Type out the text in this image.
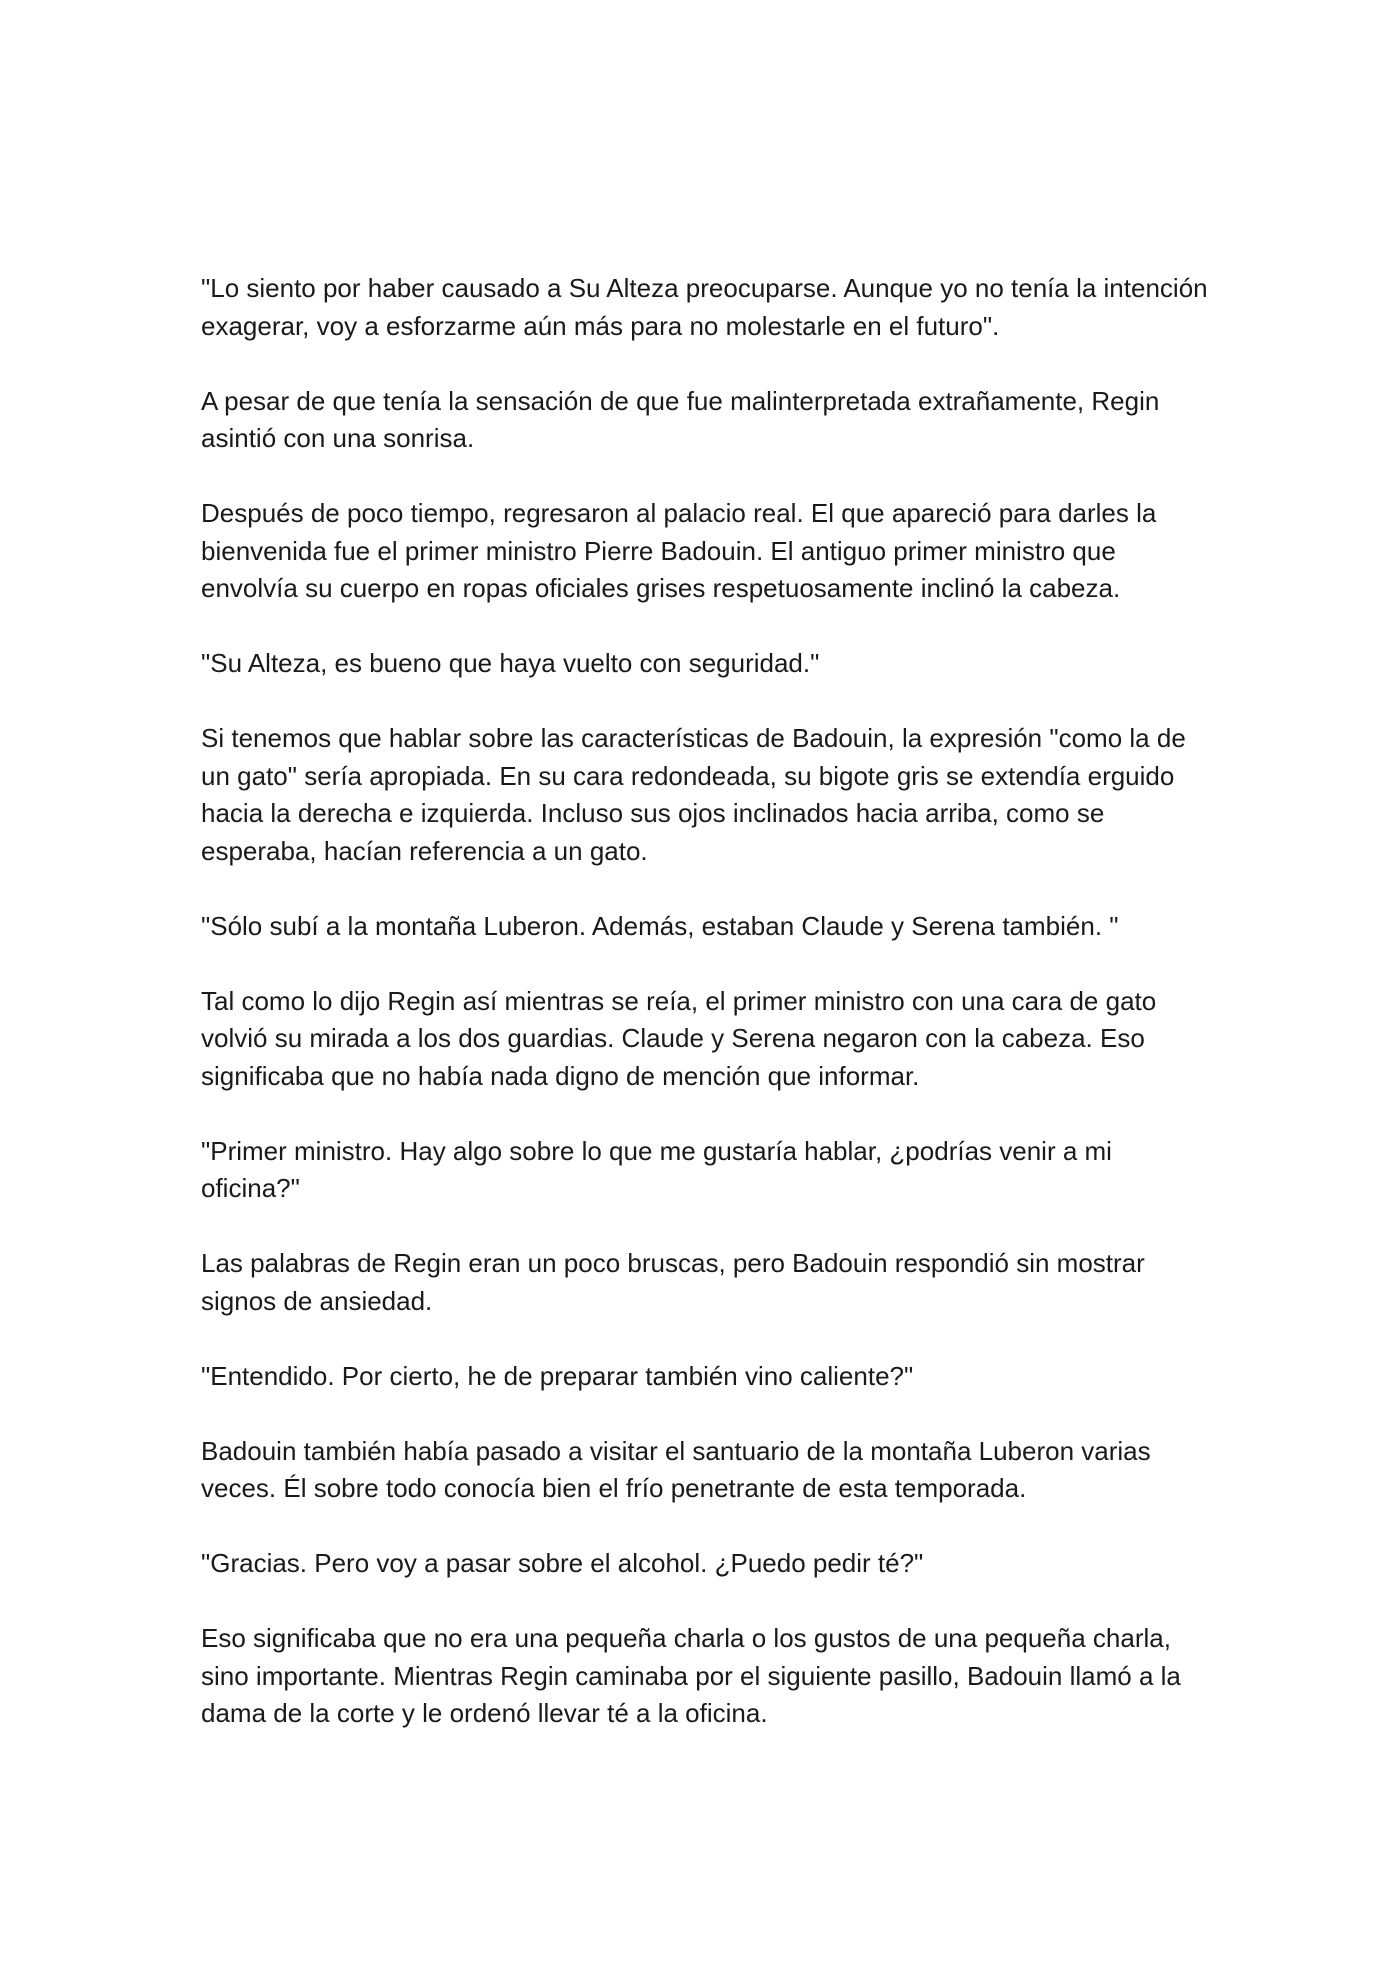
"Lo siento por haber causado a Su Alteza preocuparse. Aunque yo no tenía la intención exagerar, voy a esforzarme aún más para no molestarle en el futuro".

A pesar de que tenía la sensación de que fue malinterpretada extrañamente, Regin asintió con una sonrisa.

Después de poco tiempo, regresaron al palacio real. El que apareció para darles la bienvenida fue el primer ministro Pierre Badouin. El antiguo primer ministro que envolvía su cuerpo en ropas oficiales grises respetuosamente inclinó la cabeza.

"Su Alteza, es bueno que haya vuelto con seguridad."

Si tenemos que hablar sobre las características de Badouin, la expresión "como la de un gato" sería apropiada. En su cara redondeada, su bigote gris se extendía erguido hacia la derecha e izquierda. Incluso sus ojos inclinados hacia arriba, como se esperaba, hacían referencia a un gato.

"Sólo subí a la montaña Luberon. Además, estaban Claude y Serena también. "

Tal como lo dijo Regin así mientras se reía, el primer ministro con una cara de gato volvió su mirada a los dos guardias. Claude y Serena negaron con la cabeza. Eso significaba que no había nada digno de mención que informar.

"Primer ministro. Hay algo sobre lo que me gustaría hablar, ¿podrías venir a mi oficina?"

Las palabras de Regin eran un poco bruscas, pero Badouin respondió sin mostrar signos de ansiedad.

"Entendido. Por cierto, he de preparar también vino caliente?"

Badouin también había pasado a visitar el santuario de la montaña Luberon varias veces. Él sobre todo conocía bien el frío penetrante de esta temporada.

"Gracias. Pero voy a pasar sobre el alcohol. ¿Puedo pedir té?"

Eso significaba que no era una pequeña charla o los gustos de una pequeña charla, sino importante. Mientras Regin caminaba por el siguiente pasillo, Badouin llamó a la dama de la corte y le ordenó llevar té a la oficina.
